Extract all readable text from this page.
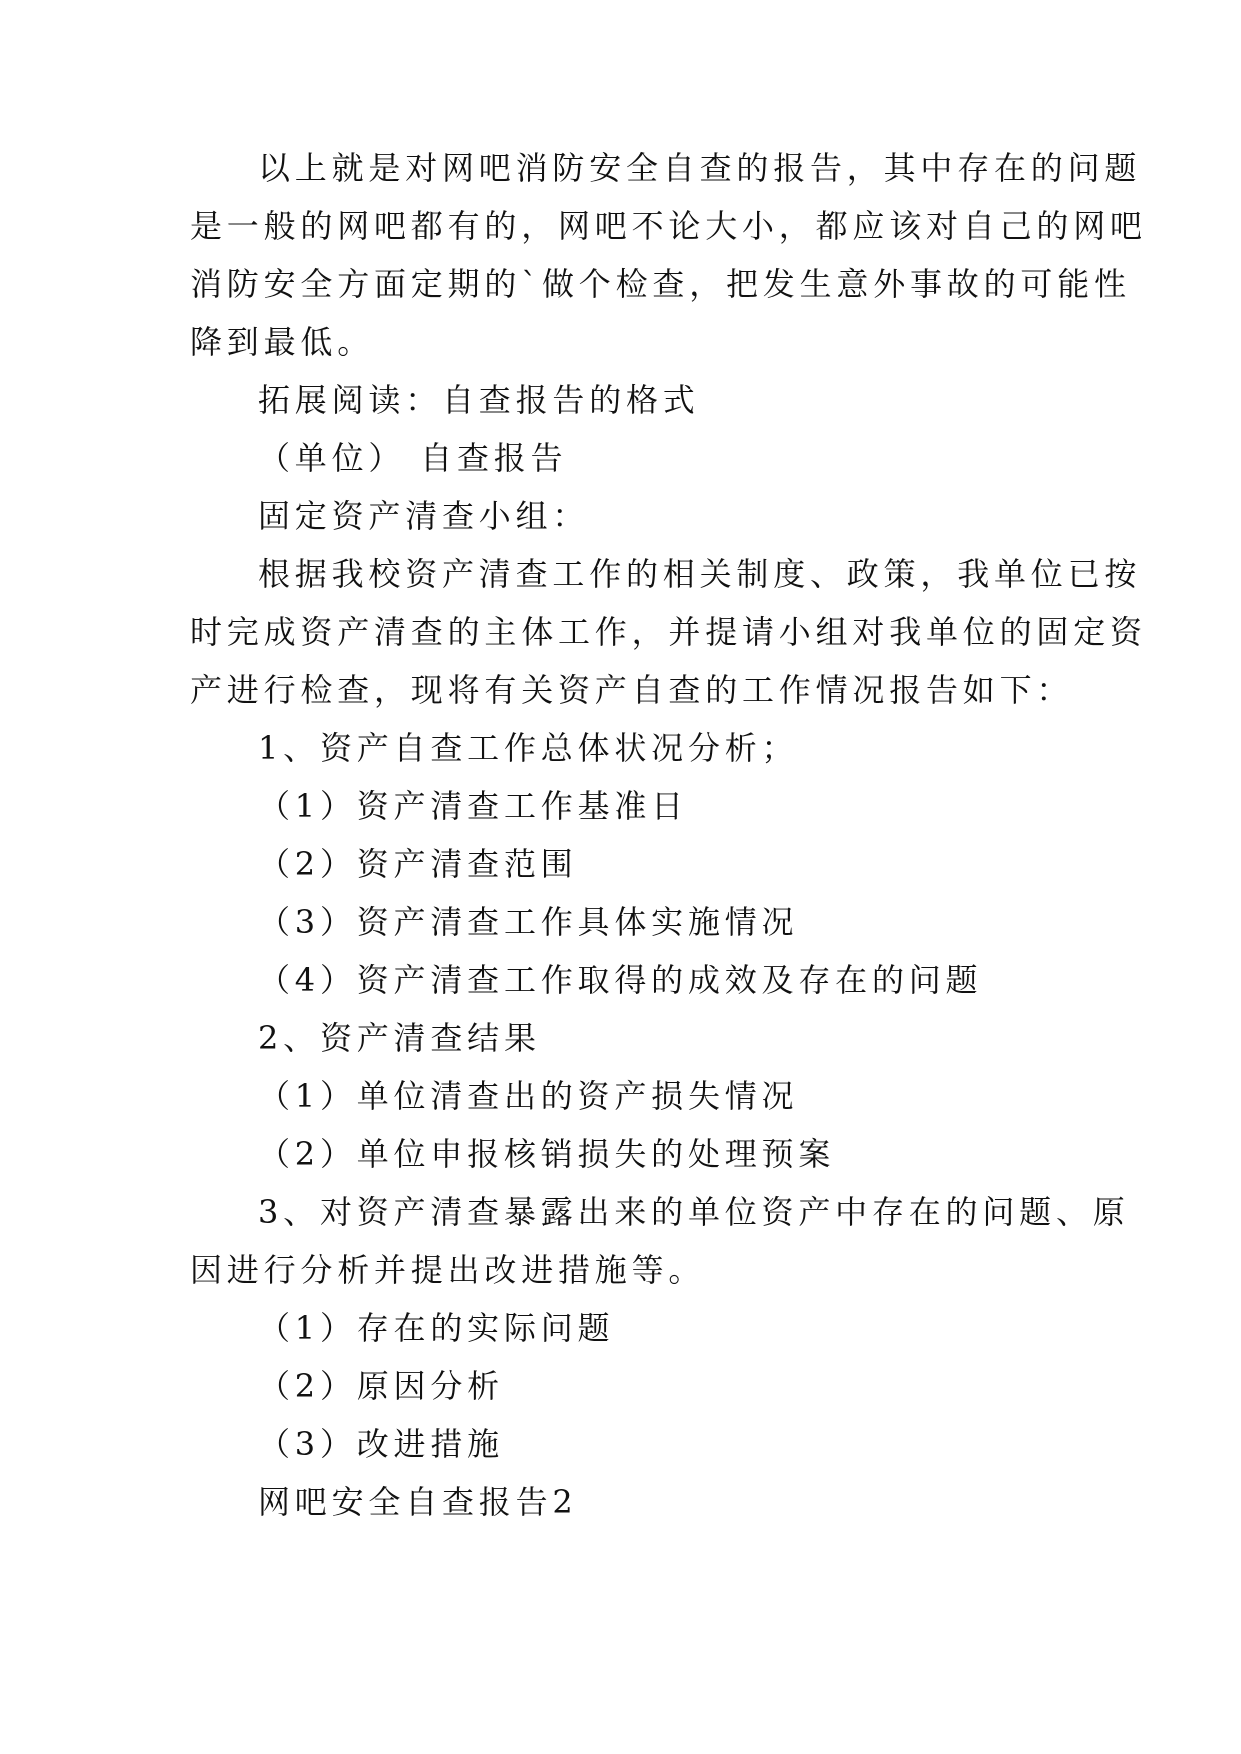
以上就是对网吧消防安全自查的报告，其中存在的问题
是一般的网吧都有的，网吧不论大小，都应该对自己的网吧
消防安全方面定期的`做个检查，把发生意外事故的可能性
降到最低。
拓展阅读：自查报告的格式
（单位） 自查报告
固定资产清查小组：
根据我校资产清查工作的相关制度、政策，我单位已按
时完成资产清查的主体工作，并提请小组对我单位的固定资
产进行检查，现将有关资产自查的工作情况报告如下：
1、资产自查工作总体状况分析；
（1）资产清查工作基准日
（2）资产清查范围
（3）资产清查工作具体实施情况
（4）资产清查工作取得的成效及存在的问题
2、资产清查结果
（1）单位清查出的资产损失情况
（2）单位申报核销损失的处理预案
3、对资产清查暴露出来的单位资产中存在的问题、原
因进行分析并提出改进措施等。
（1）存在的实际问题
（2）原因分析
（3）改进措施
网吧安全自查报告2
